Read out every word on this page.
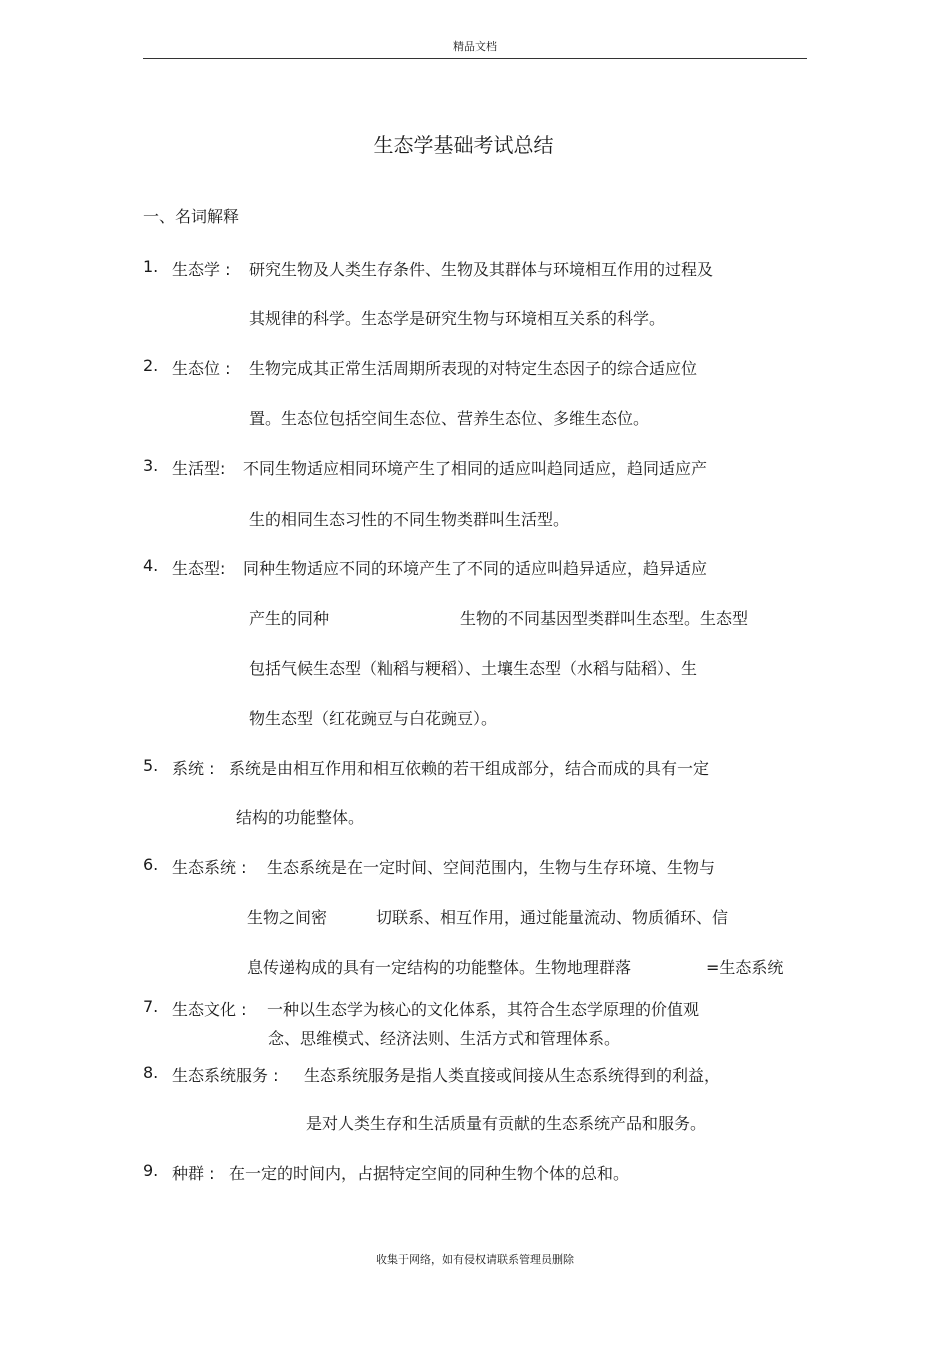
精品文档
生态学基础考试总结
一、名词解释
1. 生态学 : 研究生物及人类生存条件、生物及其群体与环境相互作用的过程及
其规律的科学。生态学是研究生物与环境相互关系的科学。
2. 生态位 : 生物完成其正常生活周期所表现的对特定生态因子的综合适应位
置。生态位包括空间生态位、营养生态位、多维生态位。
3. 生活型: 不同生物适应相同环境产生了相同的适应叫趋同适应，趋同适应产
生的相同生态习性的不同生物类群叫生活型。
4. 生态型: 同种生物适应不同的环境产生了不同的适应叫趋异适应，趋异适应
产生的同种	生物的不同基因型类群叫生态型。生态型
包括气候生态型（籼稻与粳稻）、土壤生态型（水稻与陆稻）、生
物生态型（红花豌豆与白花豌豆）。
5. 系统 : 系统是由相互作用和相互依赖的若干组成部分，结合而成的具有一定
结构的功能整体。
6. 生态系统 : 生态系统是在一定时间、空间范围内，生物与生存环境、生物与
生物之间密	切联系、相互作用，通过能量流动、物质循环、信
息传递构成的具有一定结构的功能整体。生物地理群落	=生态系统
7. 生态文化 : 一种以生态学为核心的文化体系，其符合生态学原理的价值观
念、思维模式、经济法则、生活方式和管理体系。
8. 生态系统服务 : 生态系统服务是指人类直接或间接从生态系统得到的利益，
是对人类生存和生活质量有贡献的生态系统产品和服务。
9. 种群 : 在一定的时间内，占据特定空间的同种生物个体的总和。
收集于网络，如有侵权请联系管理员删除
